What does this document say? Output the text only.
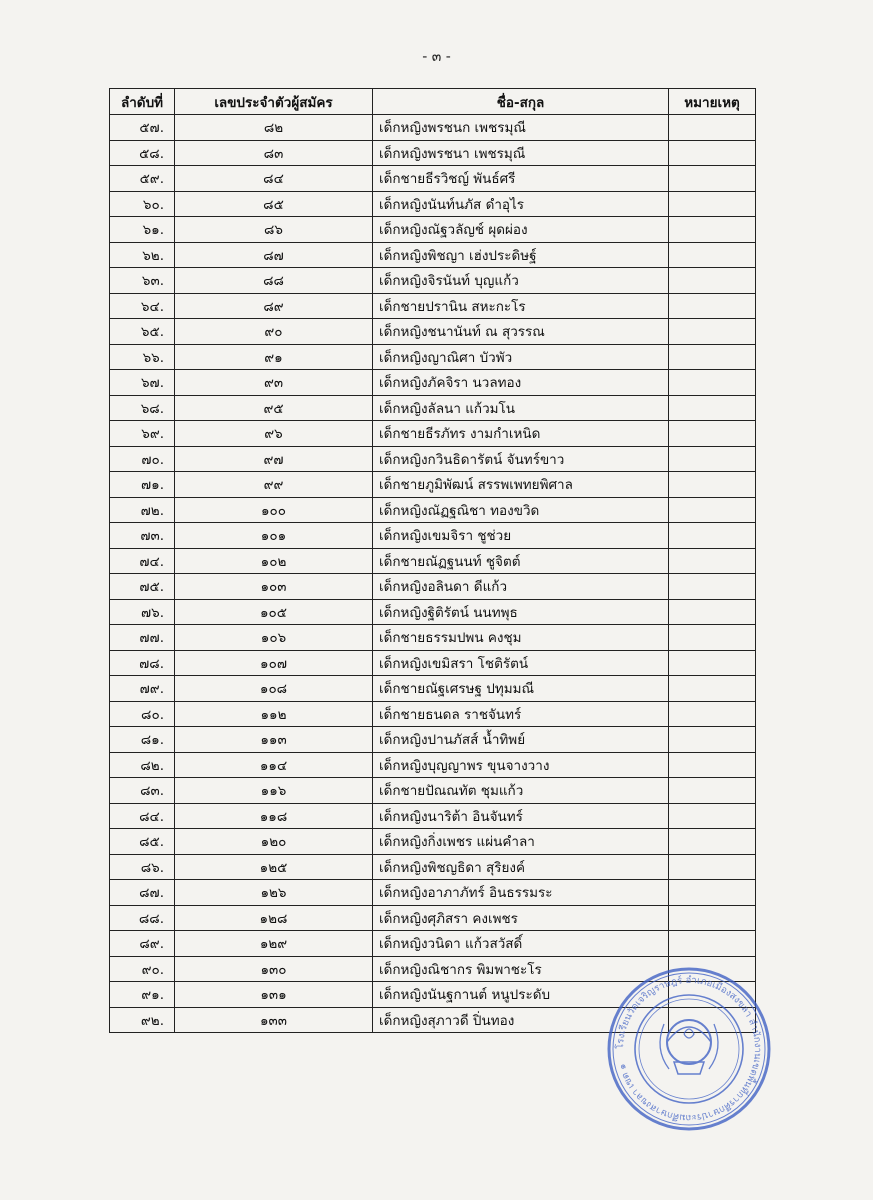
- ๓ -
ลำดับที่	เลขประจำตัวผู้สมัคร	ชื่อ-สกุล	หมายเหตุ
๕๗.	๘๒	เด็กหญิงพรชนก เพชรมุณี	
๕๘.	๘๓	เด็กหญิงพรชนา เพชรมุณี	
๕๙.	๘๔	เด็กชายธีรวิชญ์ พันธ์ศรี	
๖๐.	๘๕	เด็กหญิงนันท์นภัส ดำอุไร	
๖๑.	๘๖	เด็กหญิงณัฐวลัญช์ ผุดผ่อง	
๖๒.	๘๗	เด็กหญิงพิชญา เฮ่งประดิษฐ์	
๖๓.	๘๘	เด็กหญิงจิรนันท์ บุญแก้ว	
๖๔.	๘๙	เด็กชายปรานิน สหะกะโร	
๖๕.	๙๐	เด็กหญิงชนานันท์ ณ สุวรรณ	
๖๖.	๙๑	เด็กหญิงญาณิศา บัวพัว	
๖๗.	๙๓	เด็กหญิงภัคจิรา นวลทอง	
๖๘.	๙๕	เด็กหญิงลัลนา แก้วมโน	
๖๙.	๙๖	เด็กชายธีรภัทร งามกำเหนิด	
๗๐.	๙๗	เด็กหญิงกวินธิดารัตน์ จันทร์ขาว	
๗๑.	๙๙	เด็กชายภูมิพัฒน์ สรรพเพทยพิศาล	
๗๒.	๑๐๐	เด็กหญิงณัฏฐณิชา ทองขวิด	
๗๓.	๑๐๑	เด็กหญิงเขมจิรา ชูช่วย	
๗๔.	๑๐๒	เด็กชายณัฏฐนนท์ ชูจิตต์	
๗๕.	๑๐๓	เด็กหญิงอลินดา ดีแก้ว	
๗๖.	๑๐๕	เด็กหญิงฐิติรัตน์ นนทพุธ	
๗๗.	๑๐๖	เด็กชายธรรมปพน คงชุม	
๗๘.	๑๐๗	เด็กหญิงเขมิสรา โชติรัตน์	
๗๙.	๑๐๘	เด็กชายณัฐเศรษฐ ปทุมมณี	
๘๐.	๑๑๒	เด็กชายธนดล ราชจันทร์	
๘๑.	๑๑๓	เด็กหญิงปานภัสส์ น้ำทิพย์	
๘๒.	๑๑๔	เด็กหญิงบุญญาพร ขุนจางวาง	
๘๓.	๑๑๖	เด็กชายปัณณทัต ชุมแก้ว	
๘๔.	๑๑๘	เด็กหญิงนาริต้า อินจันทร์	
๘๕.	๑๒๐	เด็กหญิงกิ่งเพชร แผ่นคำลา	
๘๖.	๑๒๕	เด็กหญิงพิชญธิดา สุริยงค์	
๘๗.	๑๒๖	เด็กหญิงอาภาภัทร์ อินธรรมระ	
๘๘.	๑๒๘	เด็กหญิงศุภิสรา คงเพชร	
๘๙.	๑๒๙	เด็กหญิงวนิดา แก้วสวัสดิ์	
๙๐.	๑๓๐	เด็กหญิงณิชากร พิมพาชะโร	
๙๑.	๑๓๑	เด็กหญิงนันฐกานต์ หนูประดับ	
๙๒.	๑๓๓	เด็กหญิงสุภาวดี ปิ่นทอง	
โรงเรียนวัดเจริญราษฎร์ อำเภอเมืองสงขลา สำนักงานเขตพื้นที่การศึกษาประถมศึกษาสงขลา เขต ๑
